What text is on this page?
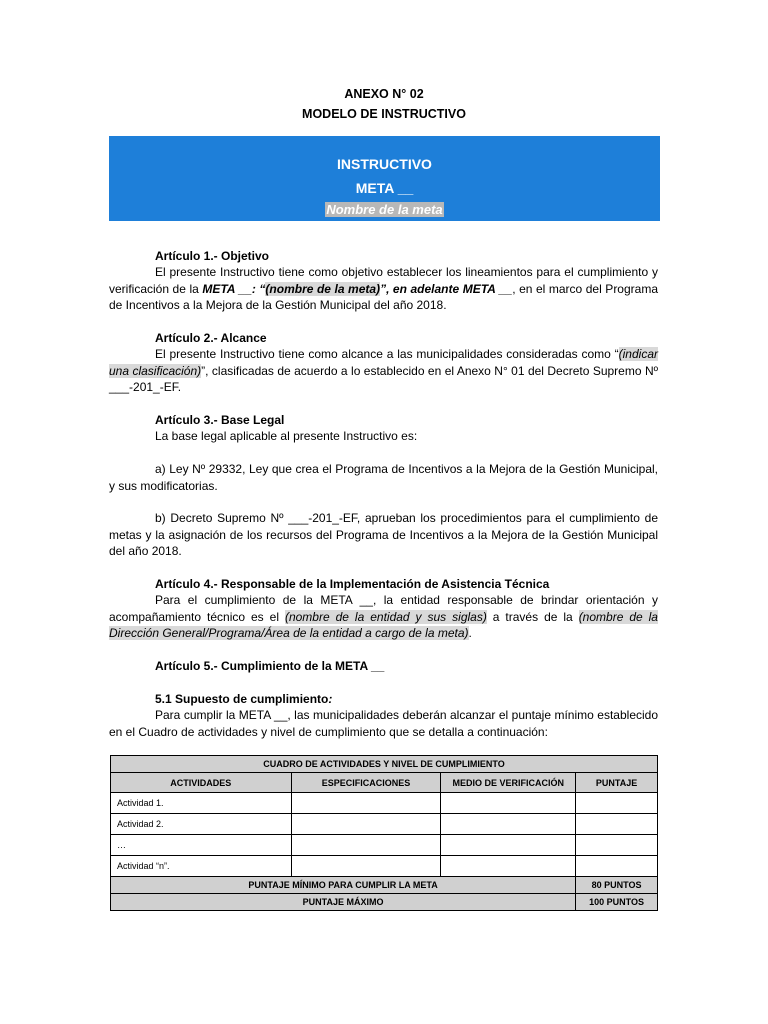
ANEXO N° 02
MODELO DE INSTRUCTIVO
INSTRUCTIVO
META __
Nombre de la meta

Artículo 1.- Objetivo

El presente Instructivo tiene como objetivo establecer los lineamientos para el cumplimiento y verificación de la META __: “(nombre de la meta)”, en adelante META __, en el marco del Programa de Incentivos a la Mejora de la Gestión Municipal del año 2018.

Artículo 2.- Alcance

El presente Instructivo tiene como alcance a las municipalidades consideradas como “(indicar una clasificación)”, clasificadas de acuerdo a lo establecido en el Anexo N° 01 del Decreto Supremo Nº ___-201_-EF.

Artículo 3.- Base Legal

La base legal aplicable al presente Instructivo es:

a) Ley Nº 29332, Ley que crea el Programa de Incentivos a la Mejora de la Gestión Municipal, y sus modificatorias.

b) Decreto Supremo Nº ___-201_-EF, aprueban los procedimientos para el cumplimiento de metas y la asignación de los recursos del Programa de Incentivos a la Mejora de la Gestión Municipal del año 2018.

Artículo 4.- Responsable de la Implementación de Asistencia Técnica

Para el cumplimiento de la META __, la entidad responsable de brindar orientación y acompañamiento técnico es el (nombre de la entidad y sus siglas) a través de la (nombre de la Dirección General/Programa/Área de la entidad a cargo de la meta).

Artículo 5.- Cumplimiento de la META __

5.1 Supuesto de cumplimiento:

Para cumplir la META __, las municipalidades deberán alcanzar el puntaje mínimo establecido en el Cuadro de actividades y nivel de cumplimiento que se detalla a continuación:

CUADRO DE ACTIVIDADES Y NIVEL DE CUMPLIMIENTO			
ACTIVIDADES	ESPECIFICACIONES	MEDIO DE VERIFICACIÓN	PUNTAJE
Actividad 1.			
Actividad 2.			
…			
Actividad “n”.			
PUNTAJE MÍNIMO PARA CUMPLIR LA META			80 PUNTOS
PUNTAJE MÁXIMO			100 PUNTOS
